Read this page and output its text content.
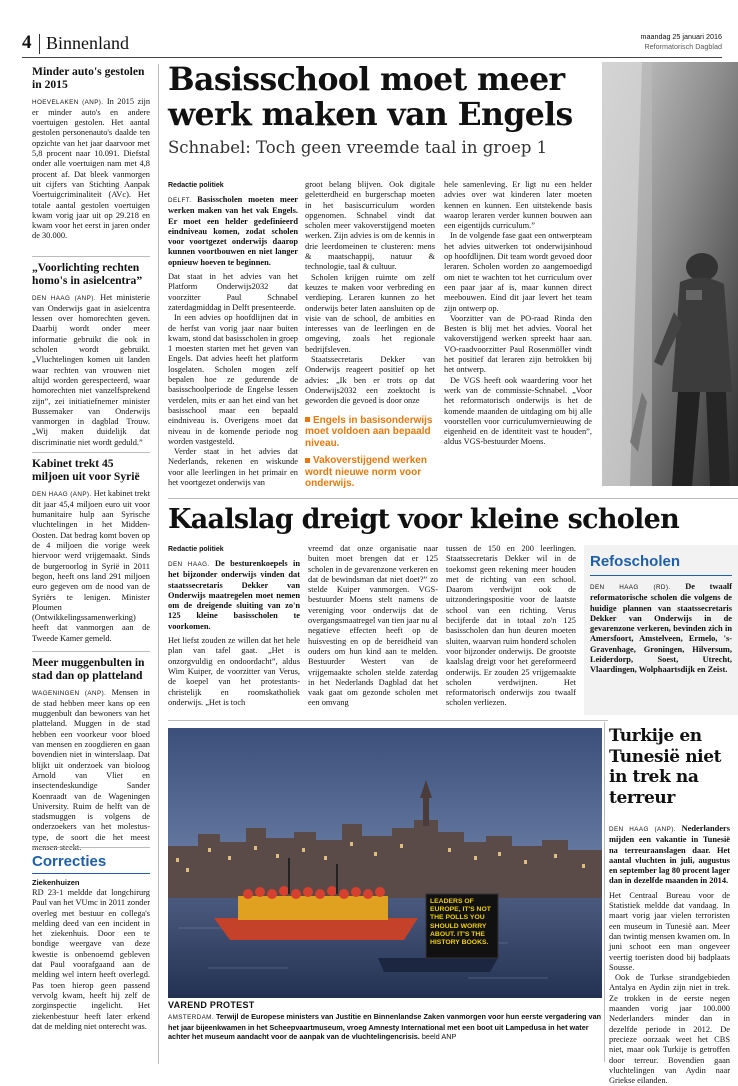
4 Binnenland	maandag 25 januari 2016
Reformatorisch Dagblad
Minder auto's gestolen in 2015
HOEVELAKEN (ANP). In 2015 zijn er minder auto's en andere voertuigen gestolen. Het aantal gestolen personenauto's daalde ten opzichte van het jaar daarvoor met 5,8 procent naar 10.091. Diefstal onder alle voertuigen nam met 4,8 procent af. Dat bleek vanmorgen uit cijfers van Stichting Aanpak Voertuigcriminaliteit (AVc). Het totale aantal gestolen voertuigen kwam vorig jaar uit op 29.218 en kwam voor het eerst in jaren onder de 30.000.
„Voorlichting rechten homo's in asielcentra”
DEN HAAG (ANP). Het ministerie van Onderwijs gaat in asielcentra lessen over homorechten geven. Daarbij wordt onder meer informatie gebruikt die ook in scholen wordt gebruikt. „Vluchtelingen komen uit landen waar rechten van vrouwen niet altijd worden gerespecteerd, waar homorechten niet vanzelfsprekend zijn”, zei initiatiefnemer minister Bussemaker van Onderwijs vanmorgen in dagblad Trouw. „Wij maken duidelijk dat discriminatie niet wordt geduld.”
Kabinet trekt 45 miljoen uit voor Syrië
DEN HAAG (ANP). Het kabinet trekt dit jaar 45,4 miljoen euro uit voor humanitaire hulp aan Syrische vluchtelingen in het Midden-Oosten. Dat bedrag komt boven op de 4 miljoen die vorige week hiervoor werd vrijgemaakt. Sinds de burgeroorlog in Syrië in 2011 begon, heeft ons land 291 miljoen euro gegeven om de nood van de Syriërs te lenigen. Minister Ploumen (Ontwikkelingssamenwerking) heeft dat vanmorgen aan de Tweede Kamer gemeld.
Meer muggenbulten in stad dan op platteland
WAGENINGEN (ANP). Mensen in de stad hebben meer kans op een muggenbult dan bewoners van het platteland. Muggen in de stad hebben een voorkeur voor bloed van mensen en zoogdieren en gaan bovendien niet in winterslaap. Dat blijkt uit onderzoek van bioloog Arnold van Vliet en insectendeskundige Sander Koenraadt van de Wageningen University. Ruim de helft van de stadsmuggen is volgens de onderzoekers van het molestus-type, de soort die het meest
Correcties
Ziekenhuizen
RD 23-1 meldde dat longchirurg Paul van het VUmc in 2011 zonder overleg met bestuur en collega's melding deed van een incident in het ziekenhuis. Door een te bondige weergave van deze kwestie is onbenoemd gebleven dat Paul voorafgaand aan de melding wel intern heeft overlegd. Pas toen hierop geen passend vervolg kwam, heeft hij zelf de zorginspectie ingelicht. Het ziekenbestuur heeft later erkend dat de melding niet onterecht was.
Basisschool moet meer werk maken van Engels
Schnabel: Toch geen vreemde taal in groep 1
Redactie politiek
DELFT. Basisscholen moeten meer werken maken van het vak Engels. Er moet een helder gedefinieerd eindniveau komen, zodat scholen voor voortgezet onderwijs daarop kunnen voortbouwen en niet langer opnieuw hoeven te beginnen.

Dat staat in het advies van het Platform Onderwijs2032 dat voorzitter Paul Schnabel zaterdagmiddag in Delft presenteerde.

In een advies op hoofdlijnen dat in de herfst van vorig jaar naar buiten kwam, stond dat basisscholen in groep 1 moesten starten met het geven van Engels. Dat advies heeft het platform losgelaten. Scholen mogen zelf bepalen hoe ze gedurende de basisschoolperiode de Engelse lessen verdelen, mits er aan het eind van het basisschool maar een bepaald eindniveau is. Overigens moet dat niveau in de komende periode nog worden vastgesteld.

Verder staat in het advies dat Nederlands, rekenen en wiskunde voor alle leerlingen in het primair en het voortgezet onderwijs van

groot belang blijven. Ook digitale geletterdheid en burgerschap moeten in het basiscurriculum worden opgenomen. Schnabel vindt dat scholen meer vakoverstijgend moeten werken. Zijn advies is om de kennis in drie leerdomeinen te clusteren: mens & maatschappij, natuur & technologie, taal & cultuur.

Scholen krijgen ruimte om zelf keuzes te maken voor verbreding en verdieping. Leraren kunnen zo het onderwijs beter laten aansluiten op de visie van de school, de ambities en interesses van de leerlingen en de omgeving, zoals het regionale bedrijfsleven.

Staatssecretaris Dekker van Onderwijs reageert positief op het advies: „Ik ben er trots op dat Onderwijs2032 een zoektocht is geworden die gevoed is door onze

Engels in basisonderwijs moet voldoen aan bepaald niveau.
Vakoverstijgend werken wordt nieuwe norm voor onderwijs.

hele samenleving. Er ligt nu een helder advies over wat kinderen later moeten kennen en kunnen. Een uitstekende basis waarop leraren verder kunnen bouwen aan een eigentijds curriculum.”

In de volgende fase gaat een ontwerpteam het advies uitwerken tot onderwijsinhoud op hoofdlijnen. Dit team wordt gevoed door leraren. Scholen worden zo aangemoedigd om niet te wachten tot het curriculum over een paar jaar af is, maar kunnen direct meebouwen. Eind dit jaar levert het team zijn ontwerp op.

Voorzitter van de PO-raad Rinda den Besten is blij met het advies. Vooral het vakoverstijgend werken spreekt haar aan. VO-raadvoorzitter Paul Rosenmöller vindt het positief dat leraren zijn betrokken bij het ontwerp.

De VGS heeft ook waardering voor het werk van de commissie-Schnabel. „Voor het reformatorisch onderwijs is het de komende maanden de uitdaging om bij alle voorstellen voor curriculumvernieuwing de eigenheid en de identiteit vast te houden”, aldus VGS-bestuurder Moens.

Kaalslag dreigt voor kleine scholen
Redactie politiek
DEN HAAG. De besturenkoepels in het bijzonder onderwijs vinden dat staatssecretaris Dekker van Onderwijs maatregelen moet nemen om de dreigende sluiting van zo'n 125 kleine basisscholen te voorkomen.

Het liefst zouden ze willen dat het hele plan van tafel gaat. „Het is onzorgvuldig en ondoordacht”, aldus Wim Kuiper, de voorzitter van Verus, de koepel van het protestants-christelijk en roomskatholiek onderwijs. „Het is toch

vreemd dat onze organisatie naar buiten moet brengen dat er 125 scholen in de gevarenzone verkeren en dat de bewindsman dat niet doet?” zo stelde Kuiper vanmorgen. VGS-bestuurder Moens stelt namens de vereniging voor onderwijs dat de overgangsmaatregel van tien jaar nu al negatieve effecten heeft op de huisvesting en op de bereidheid van ouders om hun kind aan te melden. Bestuurder Westert van de vrijgemaakte scholen stelde zaterdag in het Nederlands Dagblad dat het vaak gaat om gezonde scholen met een omvang
tussen de 150 en 200 leerlingen. Staatssecretaris Dekker wil in de toekomst geen rekening meer houden met de richting van een school. Daarom verdwijnt ook de uitzonderingspositie voor de laatste school van een richting. Verus becijferde dat in totaal zo'n 125 basisscholen dan hun deuren moeten sluiten, waarvan ruim honderd scholen voor bijzonder onderwijs. De grootste kaalslag dreigt voor het gereformeerd onderwijs. Er zouden 25 vrijgemaakte scholen verdwijnen. Het reformatorisch onderwijs zou twaalf scholen verliezen.
Refoscholen
DEN HAAG (RD). De twaalf reformatorische scholen die volgens de huidige plannen van staatssecretaris Dekker van Onderwijs in de gevarenzone verkeren, bevinden zich in Amersfoort, Amstelveen, Ermelo, 's-Gravenhage, Groningen, Hilversum, Leiderdorp, Soest, Utrecht, Vlaardingen, Wolphaartsdijk en Zeist.
LEADERS OF EUROPE, IT'S NOT THE POLLS YOU SHOULD WORRY ABOUT. IT'S THE HISTORY BOOKS.
VAREND PROTEST
AMSTERDAM. Terwijl de Europese ministers van Justitie en Binnenlandse Zaken vanmorgen voor hun eerste vergadering van het jaar bijeenkwamen in het Scheepvaartmuseum, vroeg Amnesty International met een boot uit Lampedusa in het water achter het museum aandacht voor de aanpak van de vluchtelingencrisis. beeld ANP
Turkije en Tunesië niet in trek na terreur
DEN HAAG (ANP). Nederlanders mijden een vakantie in Tunesië na terreuraanslagen daar. Het aantal vluchten in juli, augustus en september lag 80 procent lager dan in dezelfde maanden in 2014.

Het Centraal Bureau voor de Statistiek meldde dat vandaag. In maart vorig jaar vielen terroristen een museum in Tunesië aan. Meer dan twintig mensen kwamen om. In juni schoot een man ongeveer veertig toeristen dood bij badplaats Sousse.

Ook de Turkse strandgebieden Antalya en Aydin zijn niet in trek. Ze trokken in de eerste negen maanden vorig jaar 100.000 Nederlanders minder dan in dezelfde periode in 2012. De precieze oorzaak weet het CBS niet, maar ook Turkije is getroffen door terreur. Bovendien gaan vluchtelingen van Aydin naar Griekse eilanden.
